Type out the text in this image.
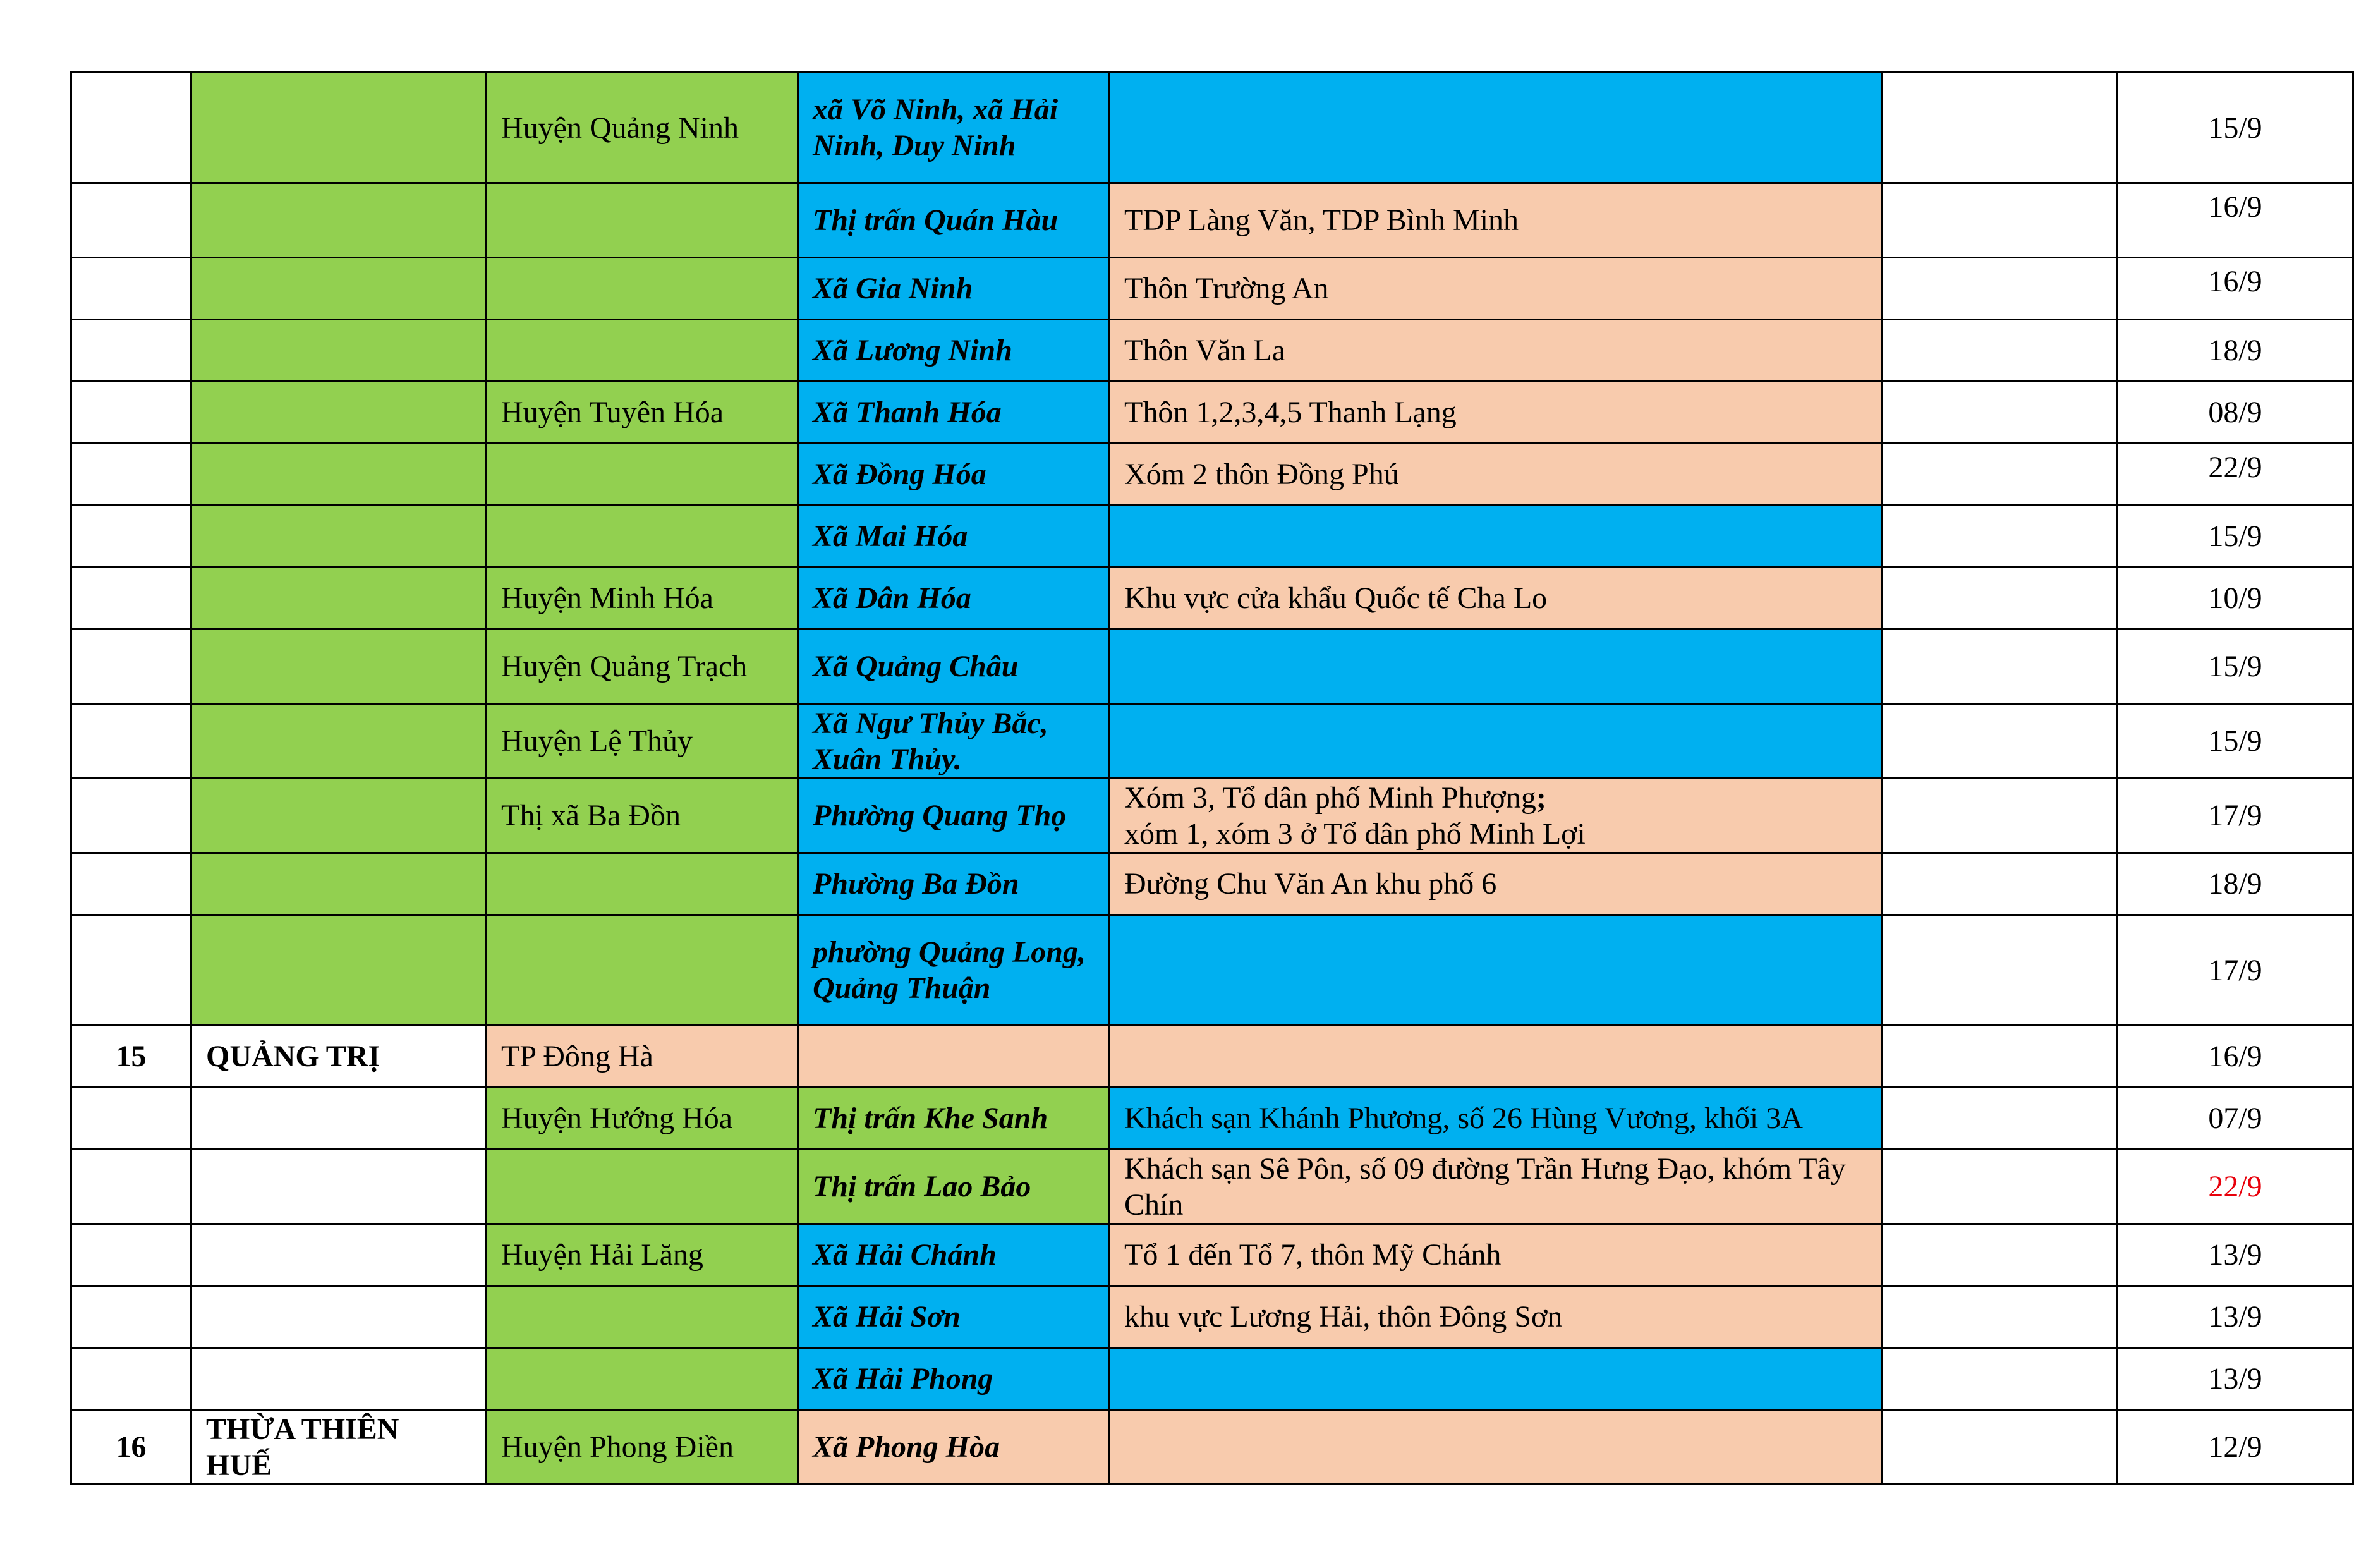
		Huyện Quảng Ninh	xã Võ Ninh, xã Hải Ninh, Duy Ninh			15/9
			Thị trấn Quán Hàu	TDP Làng Văn, TDP Bình Minh		16/9
			Xã Gia Ninh	Thôn Trường An		16/9
			Xã Lương Ninh	Thôn Văn La		18/9
		Huyện Tuyên Hóa	Xã Thanh Hóa	Thôn 1,2,3,4,5 Thanh Lạng		08/9
			Xã Đồng Hóa	Xóm 2 thôn Đồng Phú		22/9
			Xã Mai Hóa			15/9
		Huyện Minh Hóa	Xã Dân Hóa	Khu vực cửa khẩu Quốc tế Cha Lo		10/9
		Huyện Quảng Trạch	Xã Quảng Châu			15/9
		Huyện Lệ Thủy	Xã Ngư Thủy Bắc, Xuân Thủy.			15/9
		Thị xã Ba Đồn	Phường Quang Thọ	Xóm 3, Tổ dân phố Minh Phượng;
xóm 1, xóm 3 ở Tổ dân phố Minh Lợi		17/9
			Phường Ba Đồn	Đường Chu Văn An khu phố 6		18/9
			phường Quảng Long, Quảng Thuận			17/9
15	QUẢNG TRỊ	TP Đông Hà				16/9
		Huyện Hướng Hóa	Thị trấn Khe Sanh	Khách sạn Khánh Phương, số 26 Hùng Vương, khối 3A		07/9
			Thị trấn Lao Bảo	Khách sạn Sê Pôn, số 09 đường Trần Hưng Đạo, khóm Tây Chín		22/9
		Huyện Hải Lăng	Xã Hải Chánh	Tổ 1 đến Tổ 7, thôn Mỹ Chánh		13/9
			Xã Hải Sơn	khu vực Lương Hải, thôn Đông Sơn		13/9
			Xã Hải Phong			13/9
16	THỪA THIÊN HUẾ	Huyện Phong Điền	Xã Phong Hòa			12/9
